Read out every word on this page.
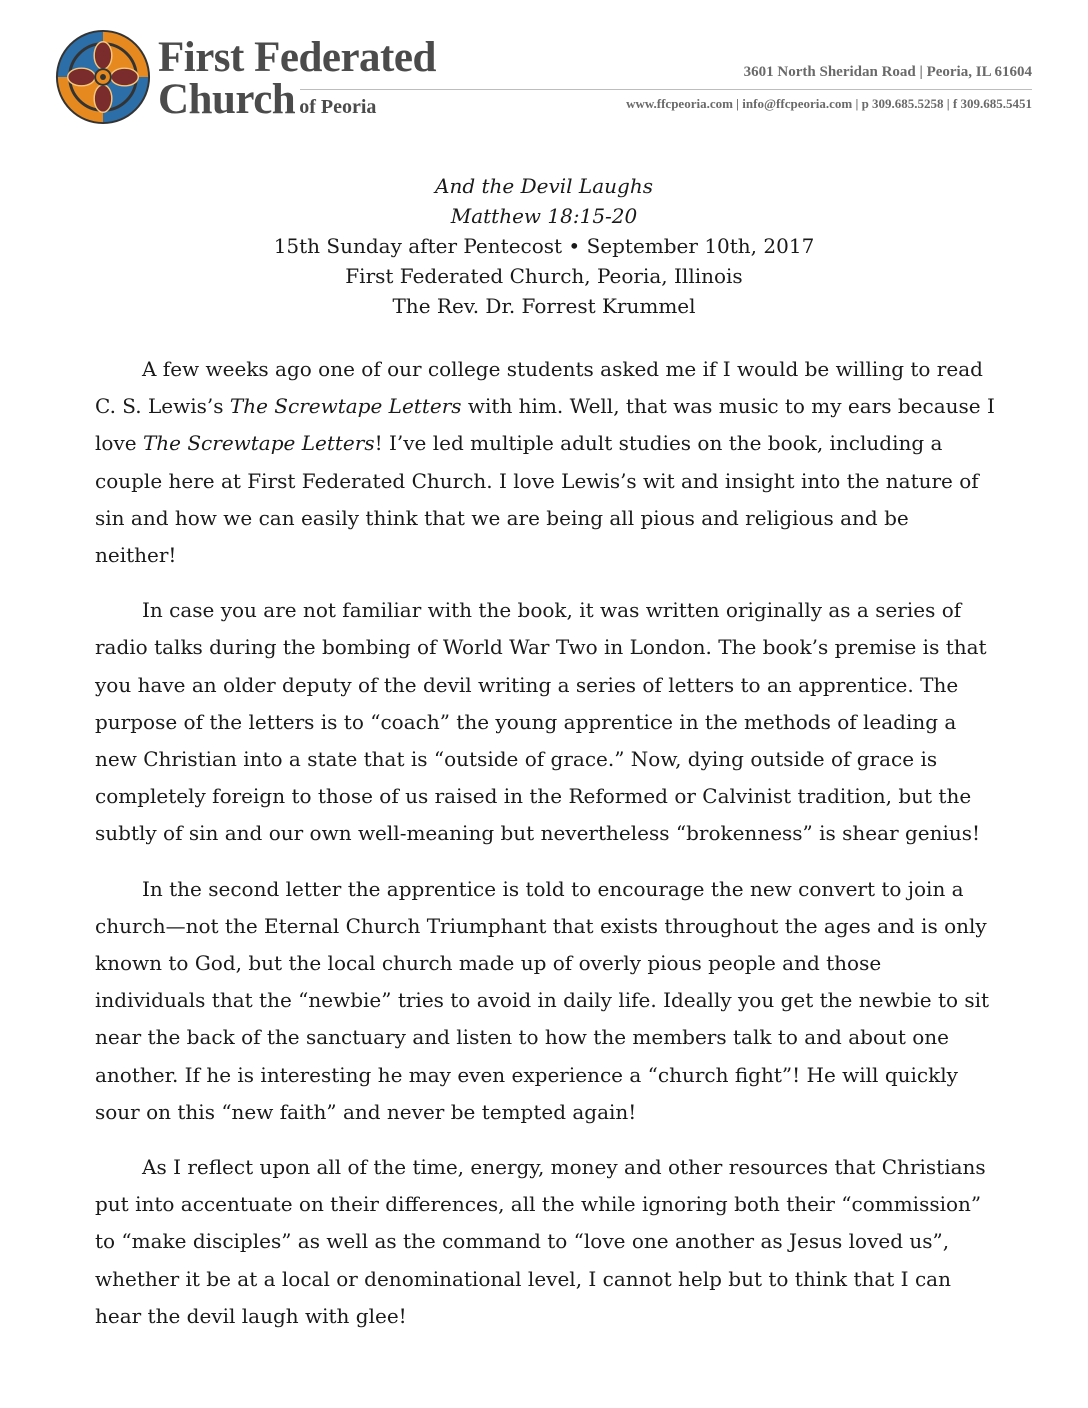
First Federated
Church of Peoria
3601 North Sheridan Road | Peoria, IL 61604
www.ffcpeoria.com | info@ffcpeoria.com | p 309.685.5258 | f 309.685.5451
And the Devil Laughs
Matthew 18:15-20
15th Sunday after Pentecost • September 10th, 2017
First Federated Church, Peoria, Illinois
The Rev. Dr. Forrest Krummel

A few weeks ago one of our college students asked me if I would be willing to read C. S. Lewis’s The Screwtape Letters with him. Well, that was music to my ears because I love The Screwtape Letters! I’ve led multiple adult studies on the book, including a couple here at First Federated Church. I love Lewis’s wit and insight into the nature of sin and how we can easily think that we are being all pious and religious and be neither!

In case you are not familiar with the book, it was written originally as a series of radio talks during the bombing of World War Two in London. The book’s premise is that you have an older deputy of the devil writing a series of letters to an apprentice. The purpose of the letters is to “coach” the young apprentice in the methods of leading a new Christian into a state that is “outside of grace.” Now, dying outside of grace is completely foreign to those of us raised in the Reformed or Calvinist tradition, but the subtly of sin and our own well-meaning but nevertheless “brokenness” is shear genius!

In the second letter the apprentice is told to encourage the new convert to join a church—not the Eternal Church Triumphant that exists throughout the ages and is only known to God, but the local church made up of overly pious people and those individuals that the “newbie” tries to avoid in daily life. Ideally you get the newbie to sit near the back of the sanctuary and listen to how the members talk to and about one another. If he is interesting he may even experience a “church fight”! He will quickly sour on this “new faith” and never be tempted again!

As I reflect upon all of the time, energy, money and other resources that Christians put into accentuate on their differences, all the while ignoring both their “commission” to “make disciples” as well as the command to “love one another as Jesus loved us”, whether it be at a local or denominational level, I cannot help but to think that I can hear the devil laugh with glee!
